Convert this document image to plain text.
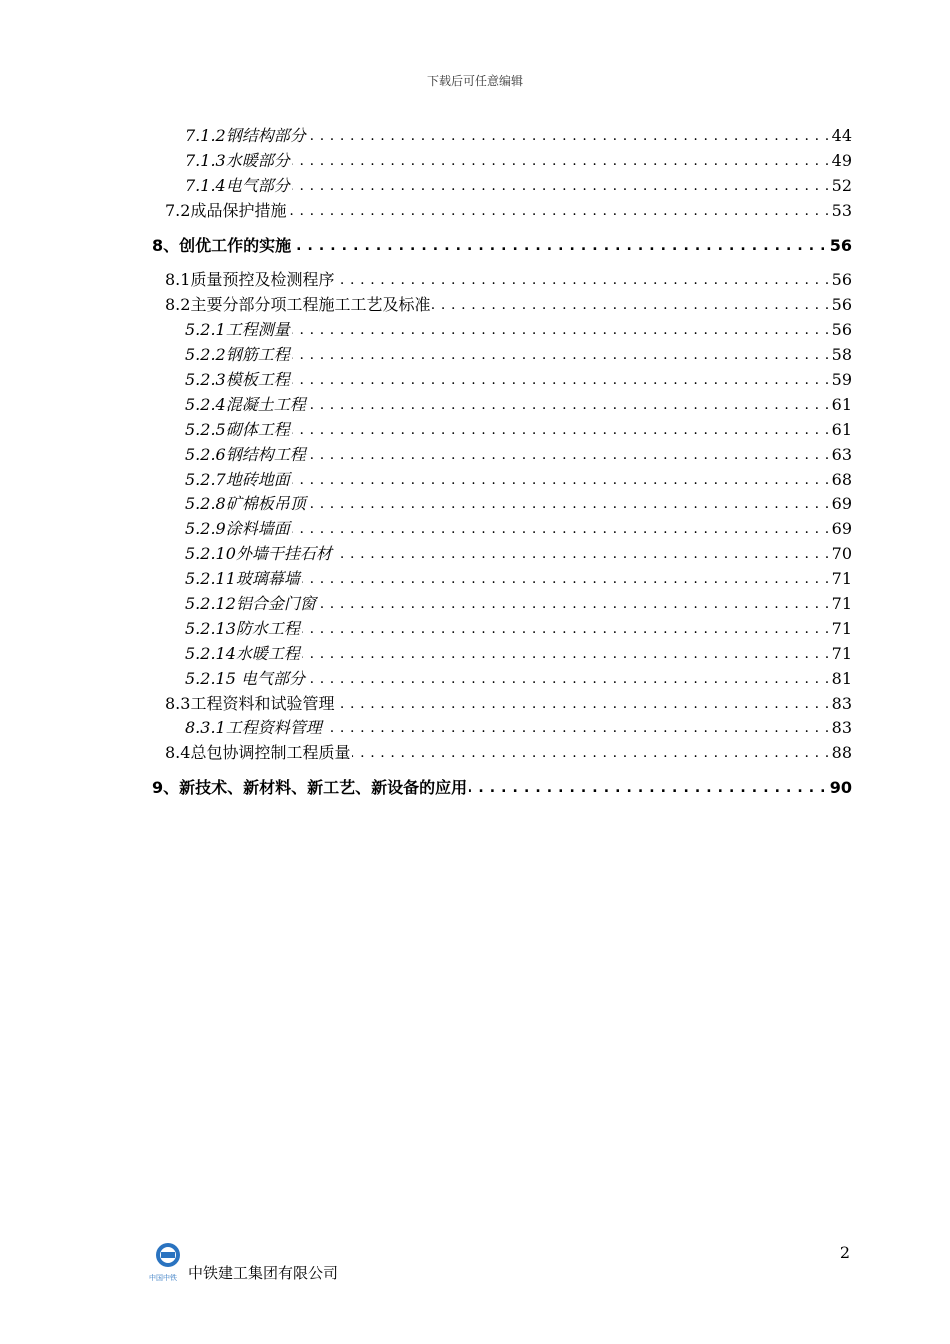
下载后可任意编辑
7.1.2钢结构部分	44
. . .
7.1.3水暖部分	49
. . .
7.1.4电气部分	52
. . .
7.2成品保护措施	53
. . .
8、创优工作的实施	56
. . .
8.1质量预控及检测程序	56
. . .
8.2主要分部分项工程施工工艺及标准	56
. . .
5.2.1工程测量	56
. . .
5.2.2钢筋工程	58
. . .
5.2.3模板工程	59
. . .
5.2.4混凝土工程	61
. . .
5.2.5砌体工程	61
. . .
5.2.6钢结构工程	63
. . .
5.2.7地砖地面	68
. . .
5.2.8矿棉板吊顶	69
. . .
5.2.9涂料墙面	69
. . .
5.2.10外墙干挂石材	70
. . .
5.2.11玻璃幕墙	71
. . .
5.2.12铝合金门窗	71
. . .
5.2.13防水工程	71
. . .
5.2.14水暖工程	71
. . .
5.2.15 电气部分	81
. . .
8.3工程资料和试验管理	83
. . .
8.3.1工程资料管理	83
. . .
8.4总包协调控制工程质量	88
. . .
9、新技术、新材料、新工艺、新设备的应用	90
. . .
2
中国中铁 中铁建工集团有限公司
